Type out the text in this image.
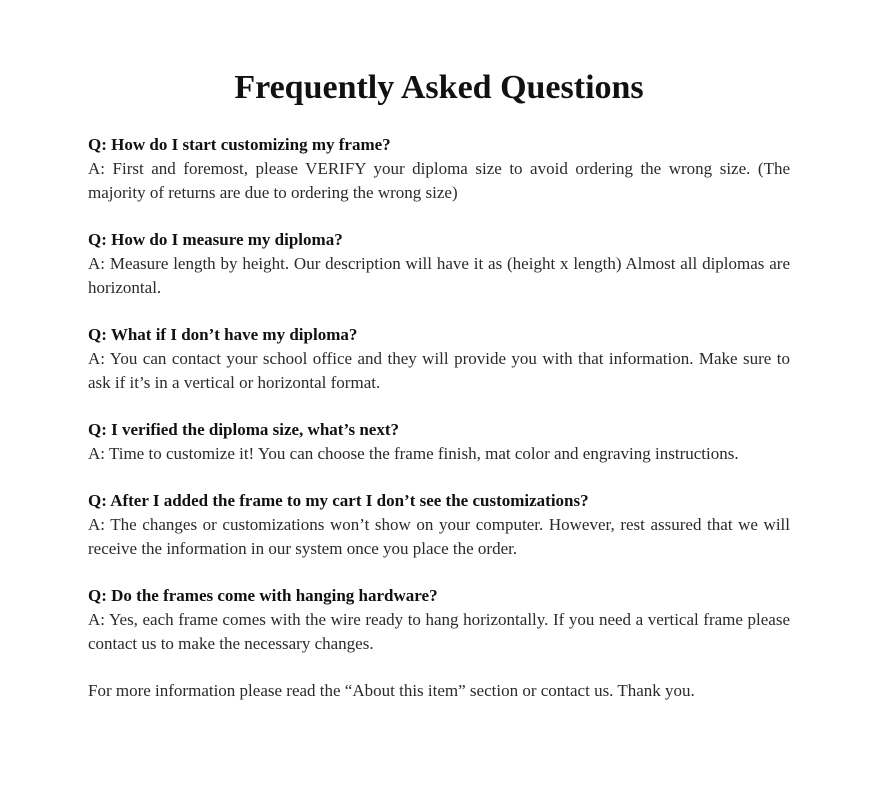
Frequently Asked Questions
Q: How do I start customizing my frame?

A: First and foremost, please VERIFY your diploma size to avoid ordering the wrong size. (The majority of returns are due to ordering the wrong size)

Q: How do I measure my diploma?

A: Measure length by height. Our description will have it as (height x length) Almost all diplomas are horizontal.

Q: What if I don’t have my diploma?

A: You can contact your school office and they will provide you with that information. Make sure to ask if it’s in a vertical or horizontal format.

Q: I verified the diploma size, what’s next?

A: Time to customize it! You can choose the frame finish, mat color and engraving instructions.

Q: After I added the frame to my cart I don’t see the customizations?

A: The changes or customizations won’t show on your computer. However, rest assured that we will receive the information in our system once you place the order.

Q: Do the frames come with hanging hardware?

A: Yes, each frame comes with the wire ready to hang horizontally. If you need a vertical frame please contact us to make the necessary changes.

For more information please read the “About this item” section or contact us. Thank you.
